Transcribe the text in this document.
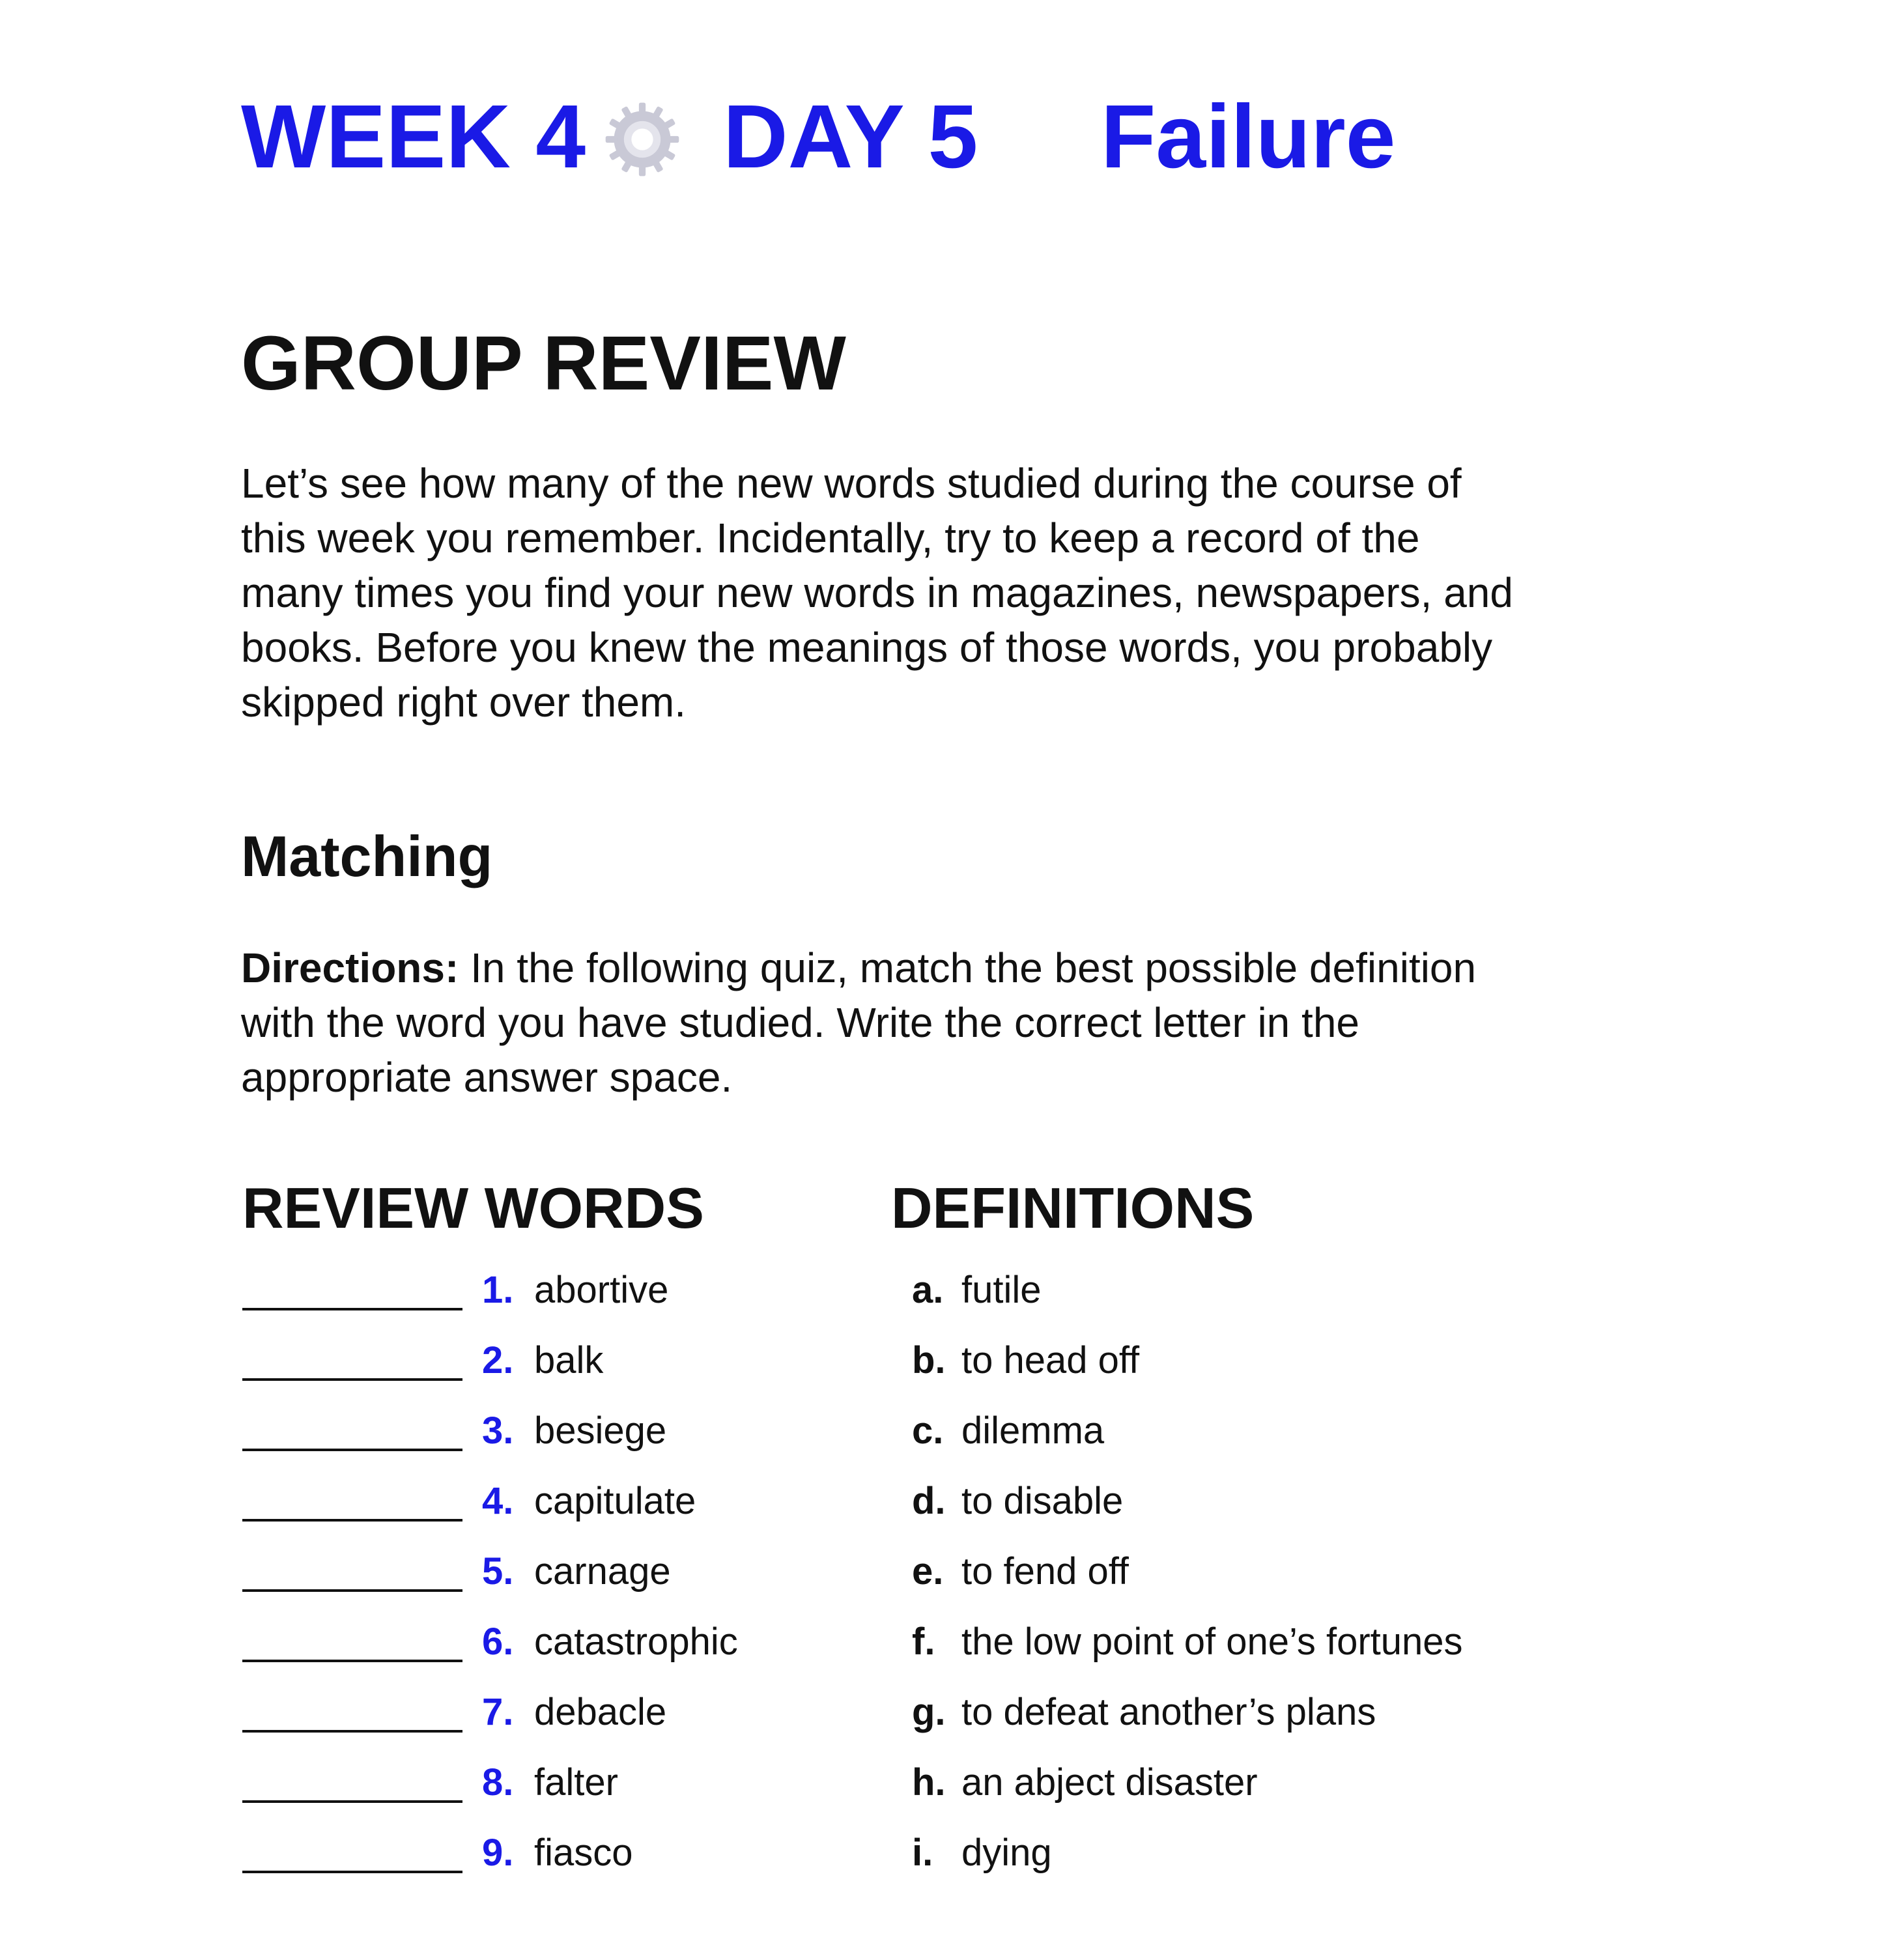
WEEK 4 DAY 5 Failure
GROUP REVIEW
Let’s see how many of the new words studied during the course of
this week you remember. Incidentally, try to keep a record of the
many times you find your new words in magazines, newspapers, and
books. Before you knew the meanings of those words, you probably
skipped right over them.
Matching
Directions: In the following quiz, match the best possible definition
with the word you have studied. Write the correct letter in the
appropriate answer space.
REVIEW WORDS	DEFINITIONS
1. abortive	a. futile
2. balk	b. to head off
3. besiege	c. dilemma
4. capitulate	d. to disable
5. carnage	e. to fend off
6. catastrophic	f. the low point of one’s fortunes
7. debacle	g. to defeat another’s plans
8. falter	h. an abject disaster
9. fiasco	i. dying
